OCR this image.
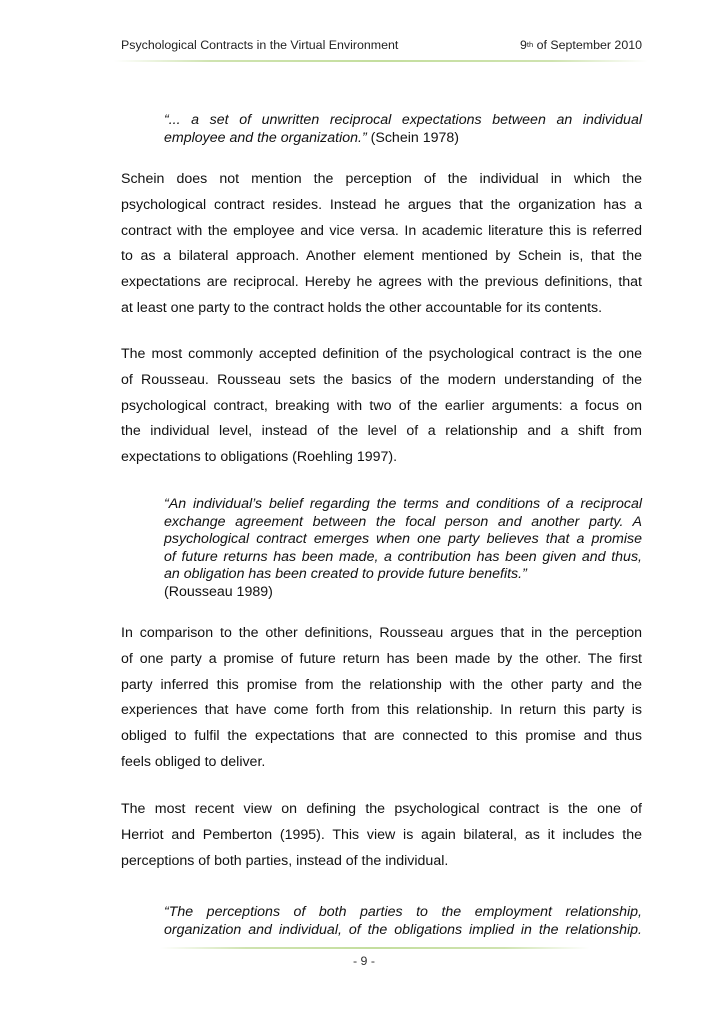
Psychological Contracts in the Virtual Environment	9th of September 2010
“... a set of unwritten reciprocal expectations between an individual
employee and the organization.” (Schein 1978)
Schein does not mention the perception of the individual in which the
psychological contract resides. Instead he argues that the organization has a
contract with the employee and vice versa. In academic literature this is referred
to as a bilateral approach. Another element mentioned by Schein is, that the
expectations are reciprocal. Hereby he agrees with the previous definitions, that
at least one party to the contract holds the other accountable for its contents.
The most commonly accepted definition of the psychological contract is the one
of Rousseau. Rousseau sets the basics of the modern understanding of the
psychological contract, breaking with two of the earlier arguments: a focus on
the individual level, instead of the level of a relationship and a shift from
expectations to obligations (Roehling 1997).
“An individual’s belief regarding the terms and conditions of a reciprocal
exchange agreement between the focal person and another party. A
psychological contract emerges when one party believes that a promise
of future returns has been made, a contribution has been given and thus,
an obligation has been created to provide future benefits.”
(Rousseau 1989)
In comparison to the other definitions, Rousseau argues that in the perception
of one party a promise of future return has been made by the other. The first
party inferred this promise from the relationship with the other party and the
experiences that have come forth from this relationship. In return this party is
obliged to fulfil the expectations that are connected to this promise and thus
feels obliged to deliver.
The most recent view on defining the psychological contract is the one of
Herriot and Pemberton (1995). This view is again bilateral, as it includes the
perceptions of both parties, instead of the individual.
“The perceptions of both parties to the employment relationship,
organization and individual, of the obligations implied in the relationship.
- 9 -
